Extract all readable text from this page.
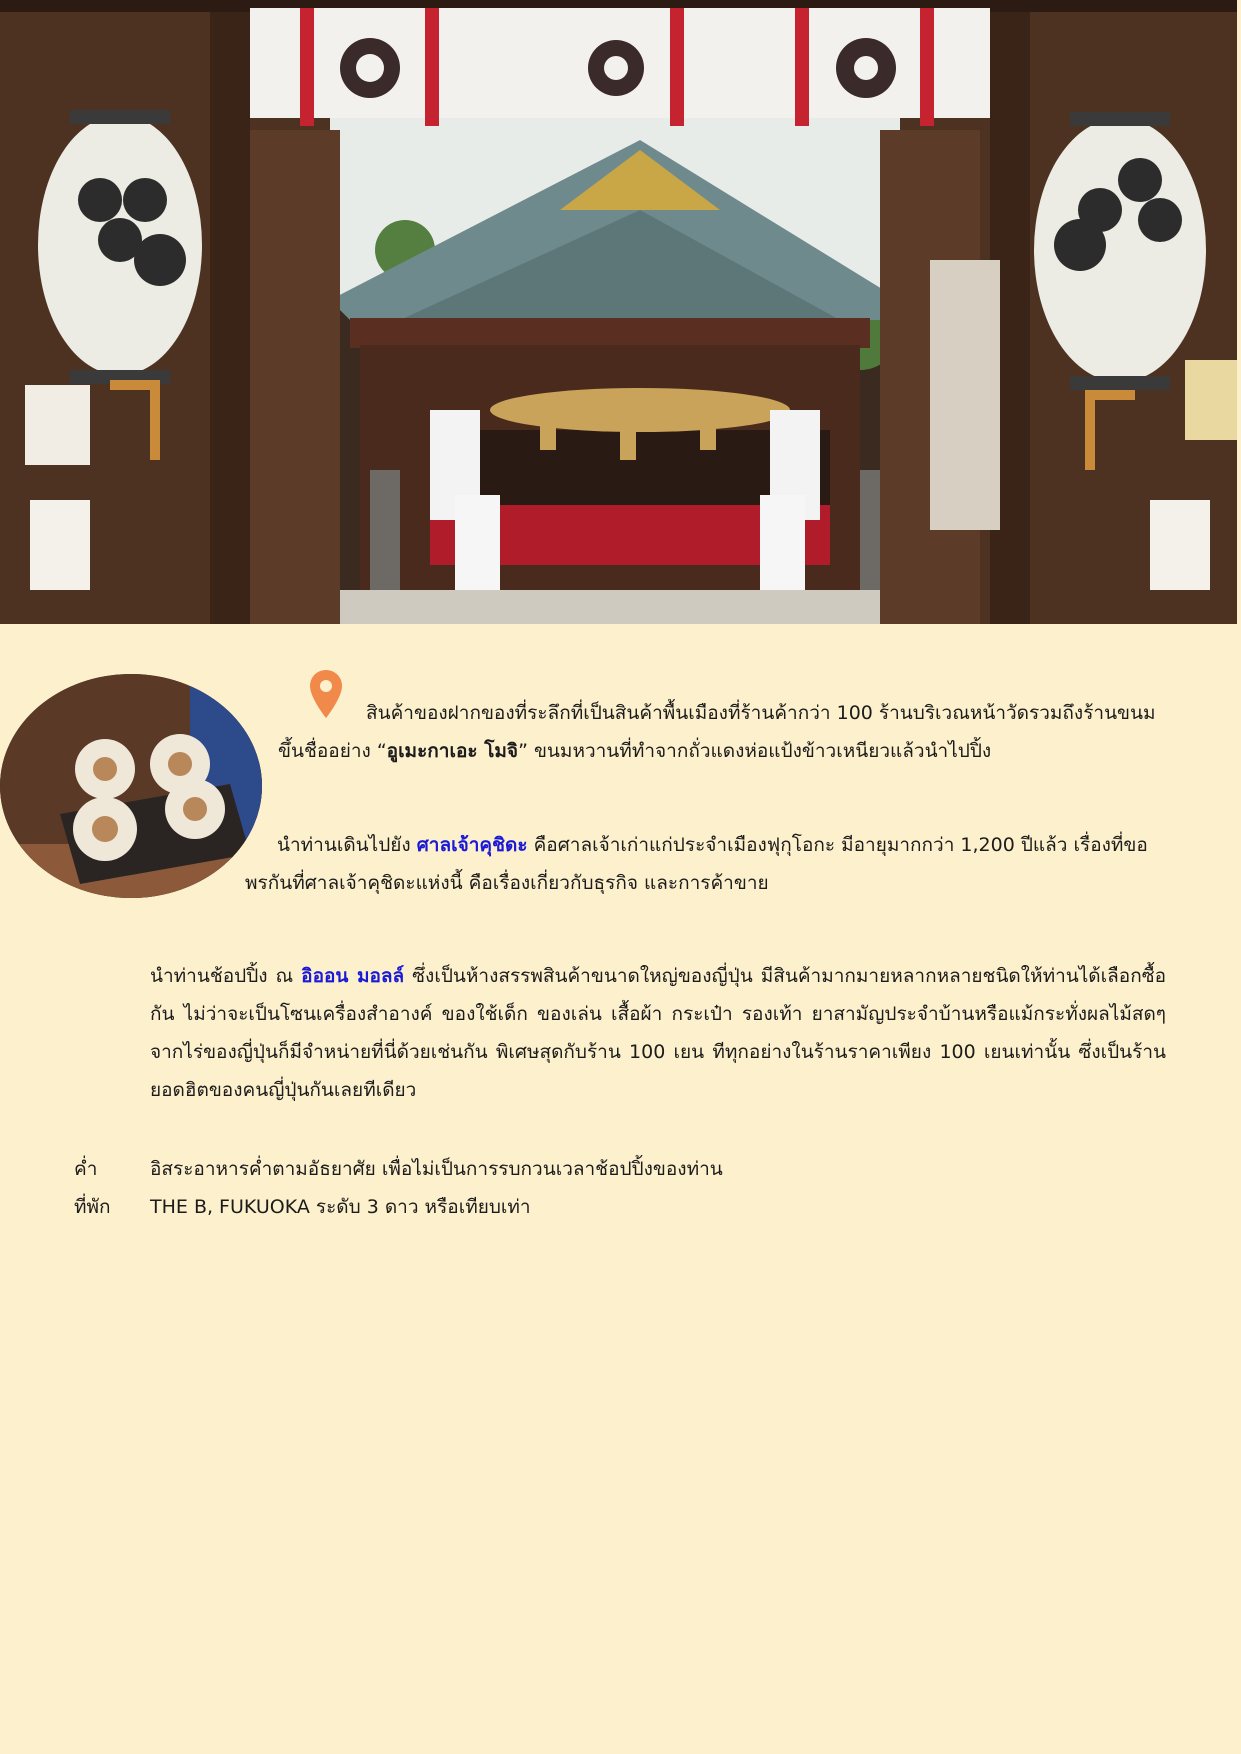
สินค้าของฝากของที่ระลึกที่เป็นสินค้าพื้นเมืองที่ร้านค้ากว่า 100 ร้านบริเวณหน้าวัดรวมถึงร้านขนมขึ้นชื่ออย่าง “อูเมะกาเอะ โมจิ” ขนมหวานที่ทำจากถั่วแดงห่อแป้งข้าวเหนียวแล้วนำไปปิ้ง

นำท่านเดินไปยัง ศาลเจ้าคุชิดะ คือศาลเจ้าเก่าแก่ประจำเมืองฟุกุโอกะ มีอายุมากกว่า 1,200 ปีแล้ว เรื่องที่ขอพรกันที่ศาลเจ้าคุชิดะแห่งนี้ คือเรื่องเกี่ยวกับธุรกิจ และการค้าขาย

นำท่านช้อปปิ้ง ณ อิออน มอลล์ ซึ่งเป็นห้างสรรพสินค้าขนาดใหญ่ของญี่ปุ่น มีสินค้ามากมายหลากหลายชนิดให้ท่านได้เลือกซื้อกัน ไม่ว่าจะเป็นโซนเครื่องสำอางค์ ของใช้เด็ก ของเล่น เสื้อผ้า กระเป๋า รองเท้า ยาสามัญประจำบ้านหรือแม้กระทั่งผลไม้สดๆจากไร่ของญี่ปุ่นก็มีจำหน่ายที่นี่ด้วยเช่นกัน พิเศษสุดกับร้าน 100 เยน ทีทุกอย่างในร้านราคาเพียง 100 เยนเท่านั้น ซึ่งเป็นร้านยอดฮิตของคนญี่ปุ่นกันเลยทีเดียว

ค่ำ	อิสระอาหารค่ำตามอัธยาศัย เพื่อไม่เป็นการรบกวนเวลาช้อปปิ้งของท่าน
ที่พัก THE B, FUKUOKA ระดับ 3 ดาว หรือเทียบเท่า
